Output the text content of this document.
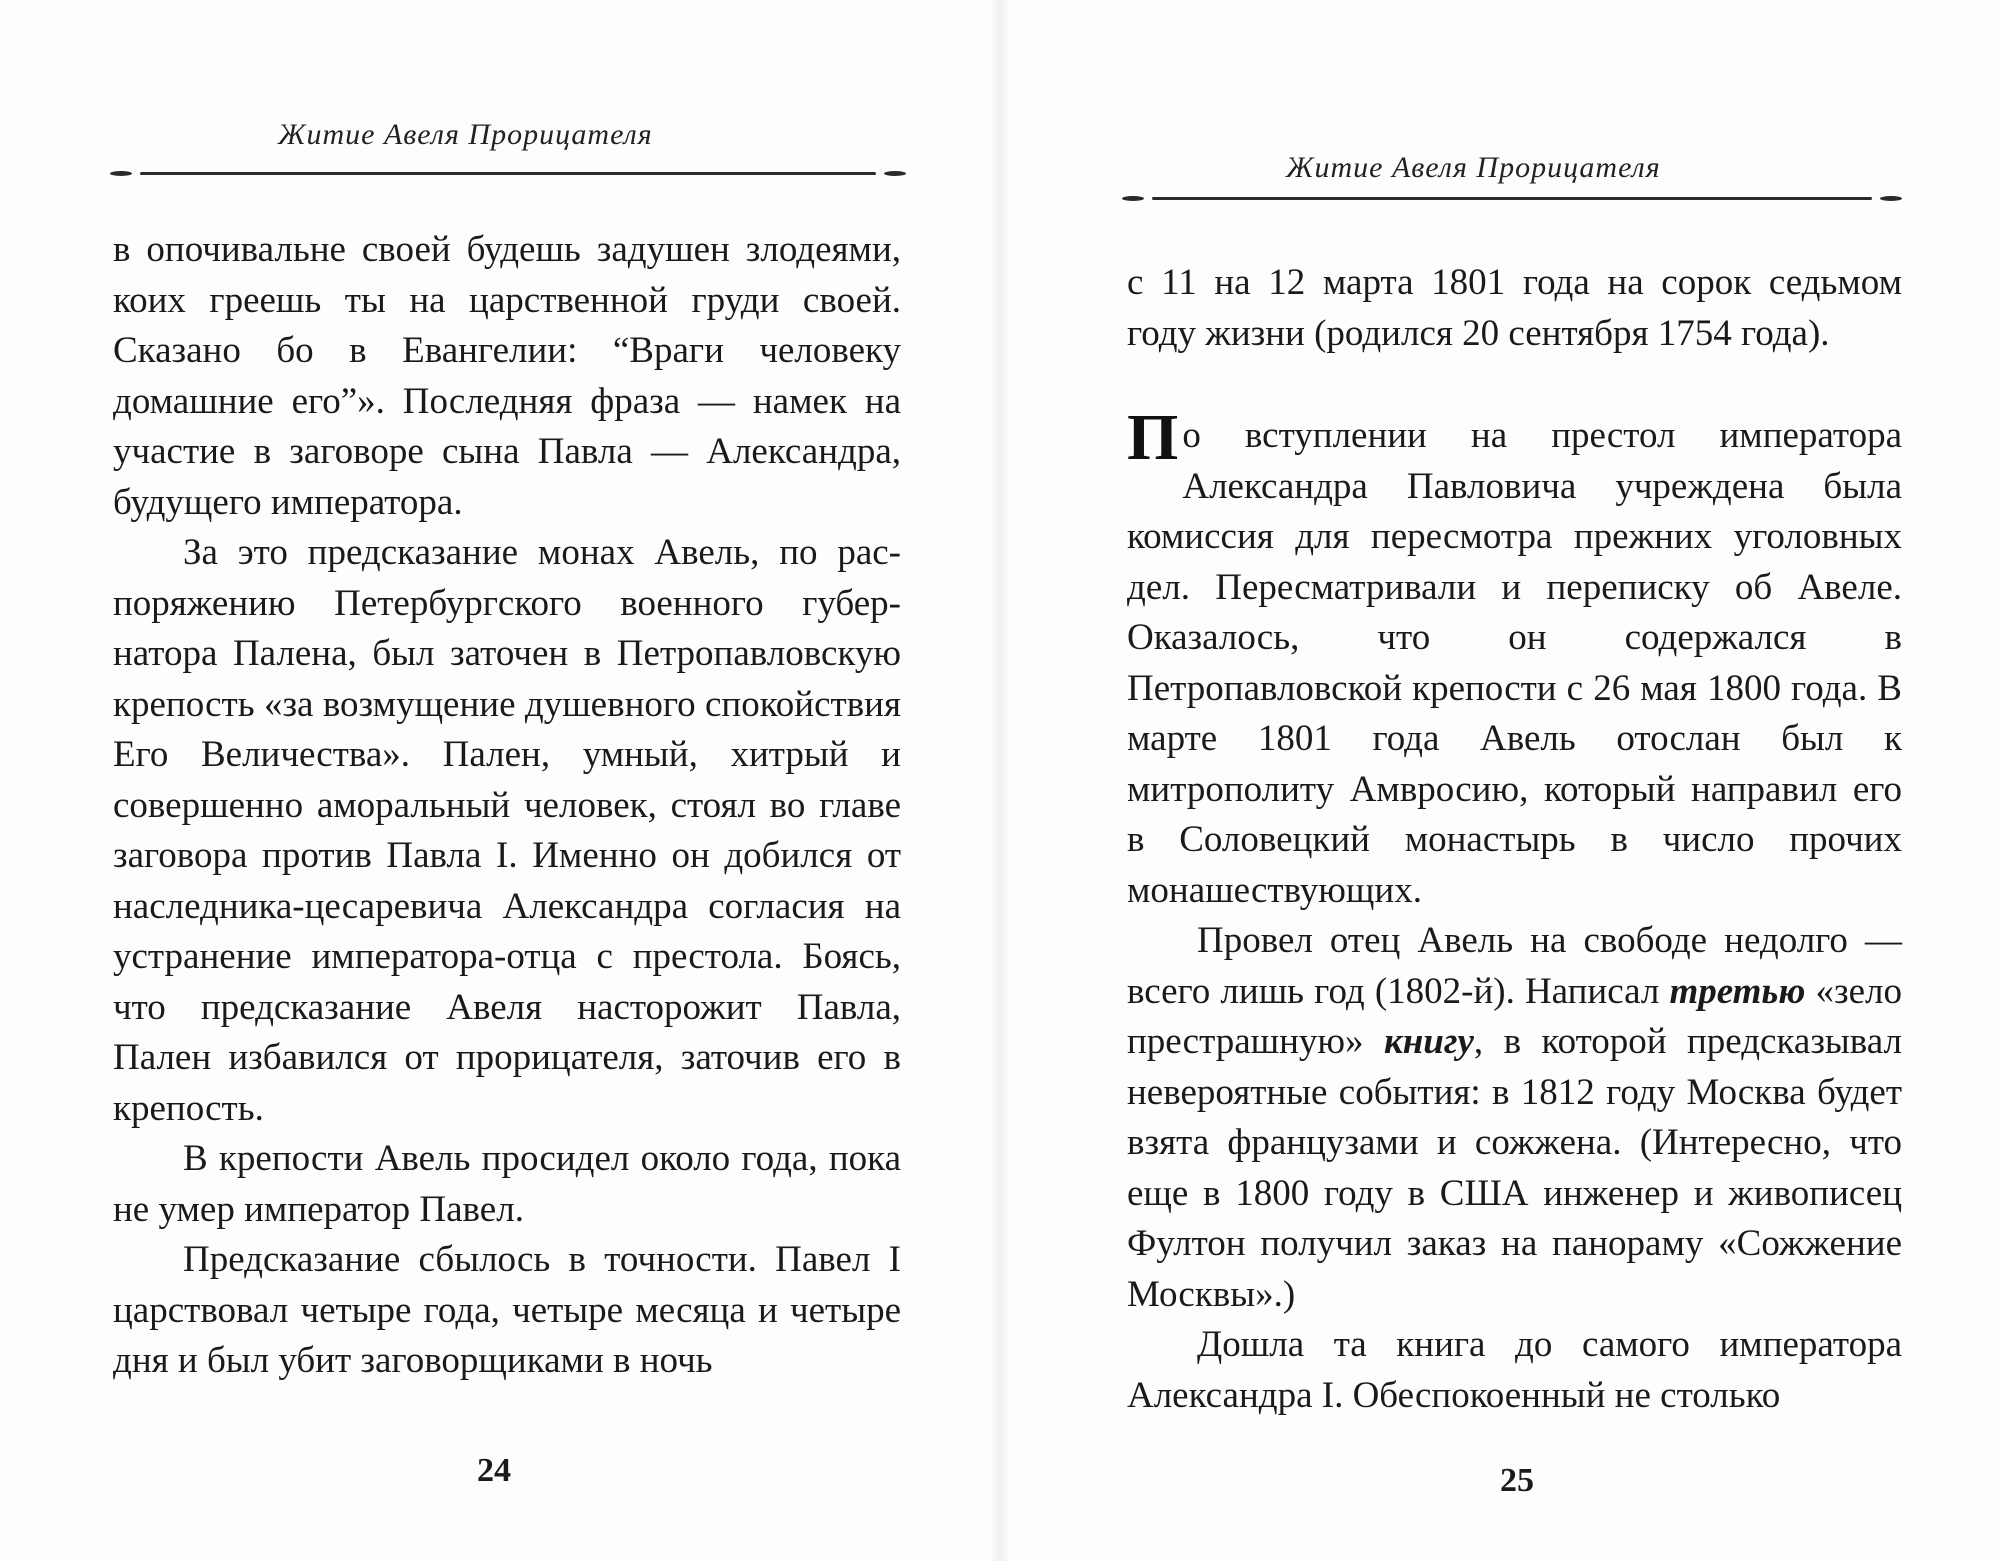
Житие Авеля Прорицателя

в опочивальне своей будешь задушен злодеями, коих греешь ты на царственной груди своей. Сказано бо в Евангелии: “Враги человеку домашние его”». Последняя фраза — намек на участие в заговоре сына Павла — Александра, будущего императора.

За это предсказание монах Авель, по распоряжению Петербургского военного губернатора Палена, был заточен в Петропавловскую крепость «за возмущение душевного спокойствия Его Величества». Пален, умный, хитрый и совершенно аморальный человек, стоял во главе заговора против Павла I. Именно он добился от наследника-цесаревича Александра согласия на устранение императора-отца с престола. Боясь, что предсказание Авеля насторожит Павла, Пален избавился от прорицателя, заточив его в крепость.

В крепости Авель просидел около года, пока не умер император Павел.

Предсказание сбылось в точности. Павел I царствовал четыре года, четыре месяца и четыре дня и был убит заговорщиками в ночь

24
Житие Авеля Прорицателя

с 11 на 12 марта 1801 года на сорок седьмом году жизни (родился 20 сентября 1754 года).

По вступлении на престол императора Александра Павловича учреждена была комиссия для пересмотра прежних уголовных дел. Пересматривали и переписку об Авеле. Оказалось, что он содержался в Петропавловской крепости с 26 мая 1800 года. В марте 1801 года Авель отослан был к митрополиту Амвросию, который направил его в Соловецкий монастырь в число прочих монашествующих.

Провел отец Авель на свободе недолго — всего лишь год (1802-й). Написал третью «зело престрашную» книгу, в которой предсказывал невероятные события: в 1812 году Москва будет взята французами и сожжена. (Интересно, что еще в 1800 году в США инженер и живописец Фултон получил заказ на панораму «Сожжение Москвы».)

Дошла та книга до самого императора Александра I. Обеспокоенный не столько

25
